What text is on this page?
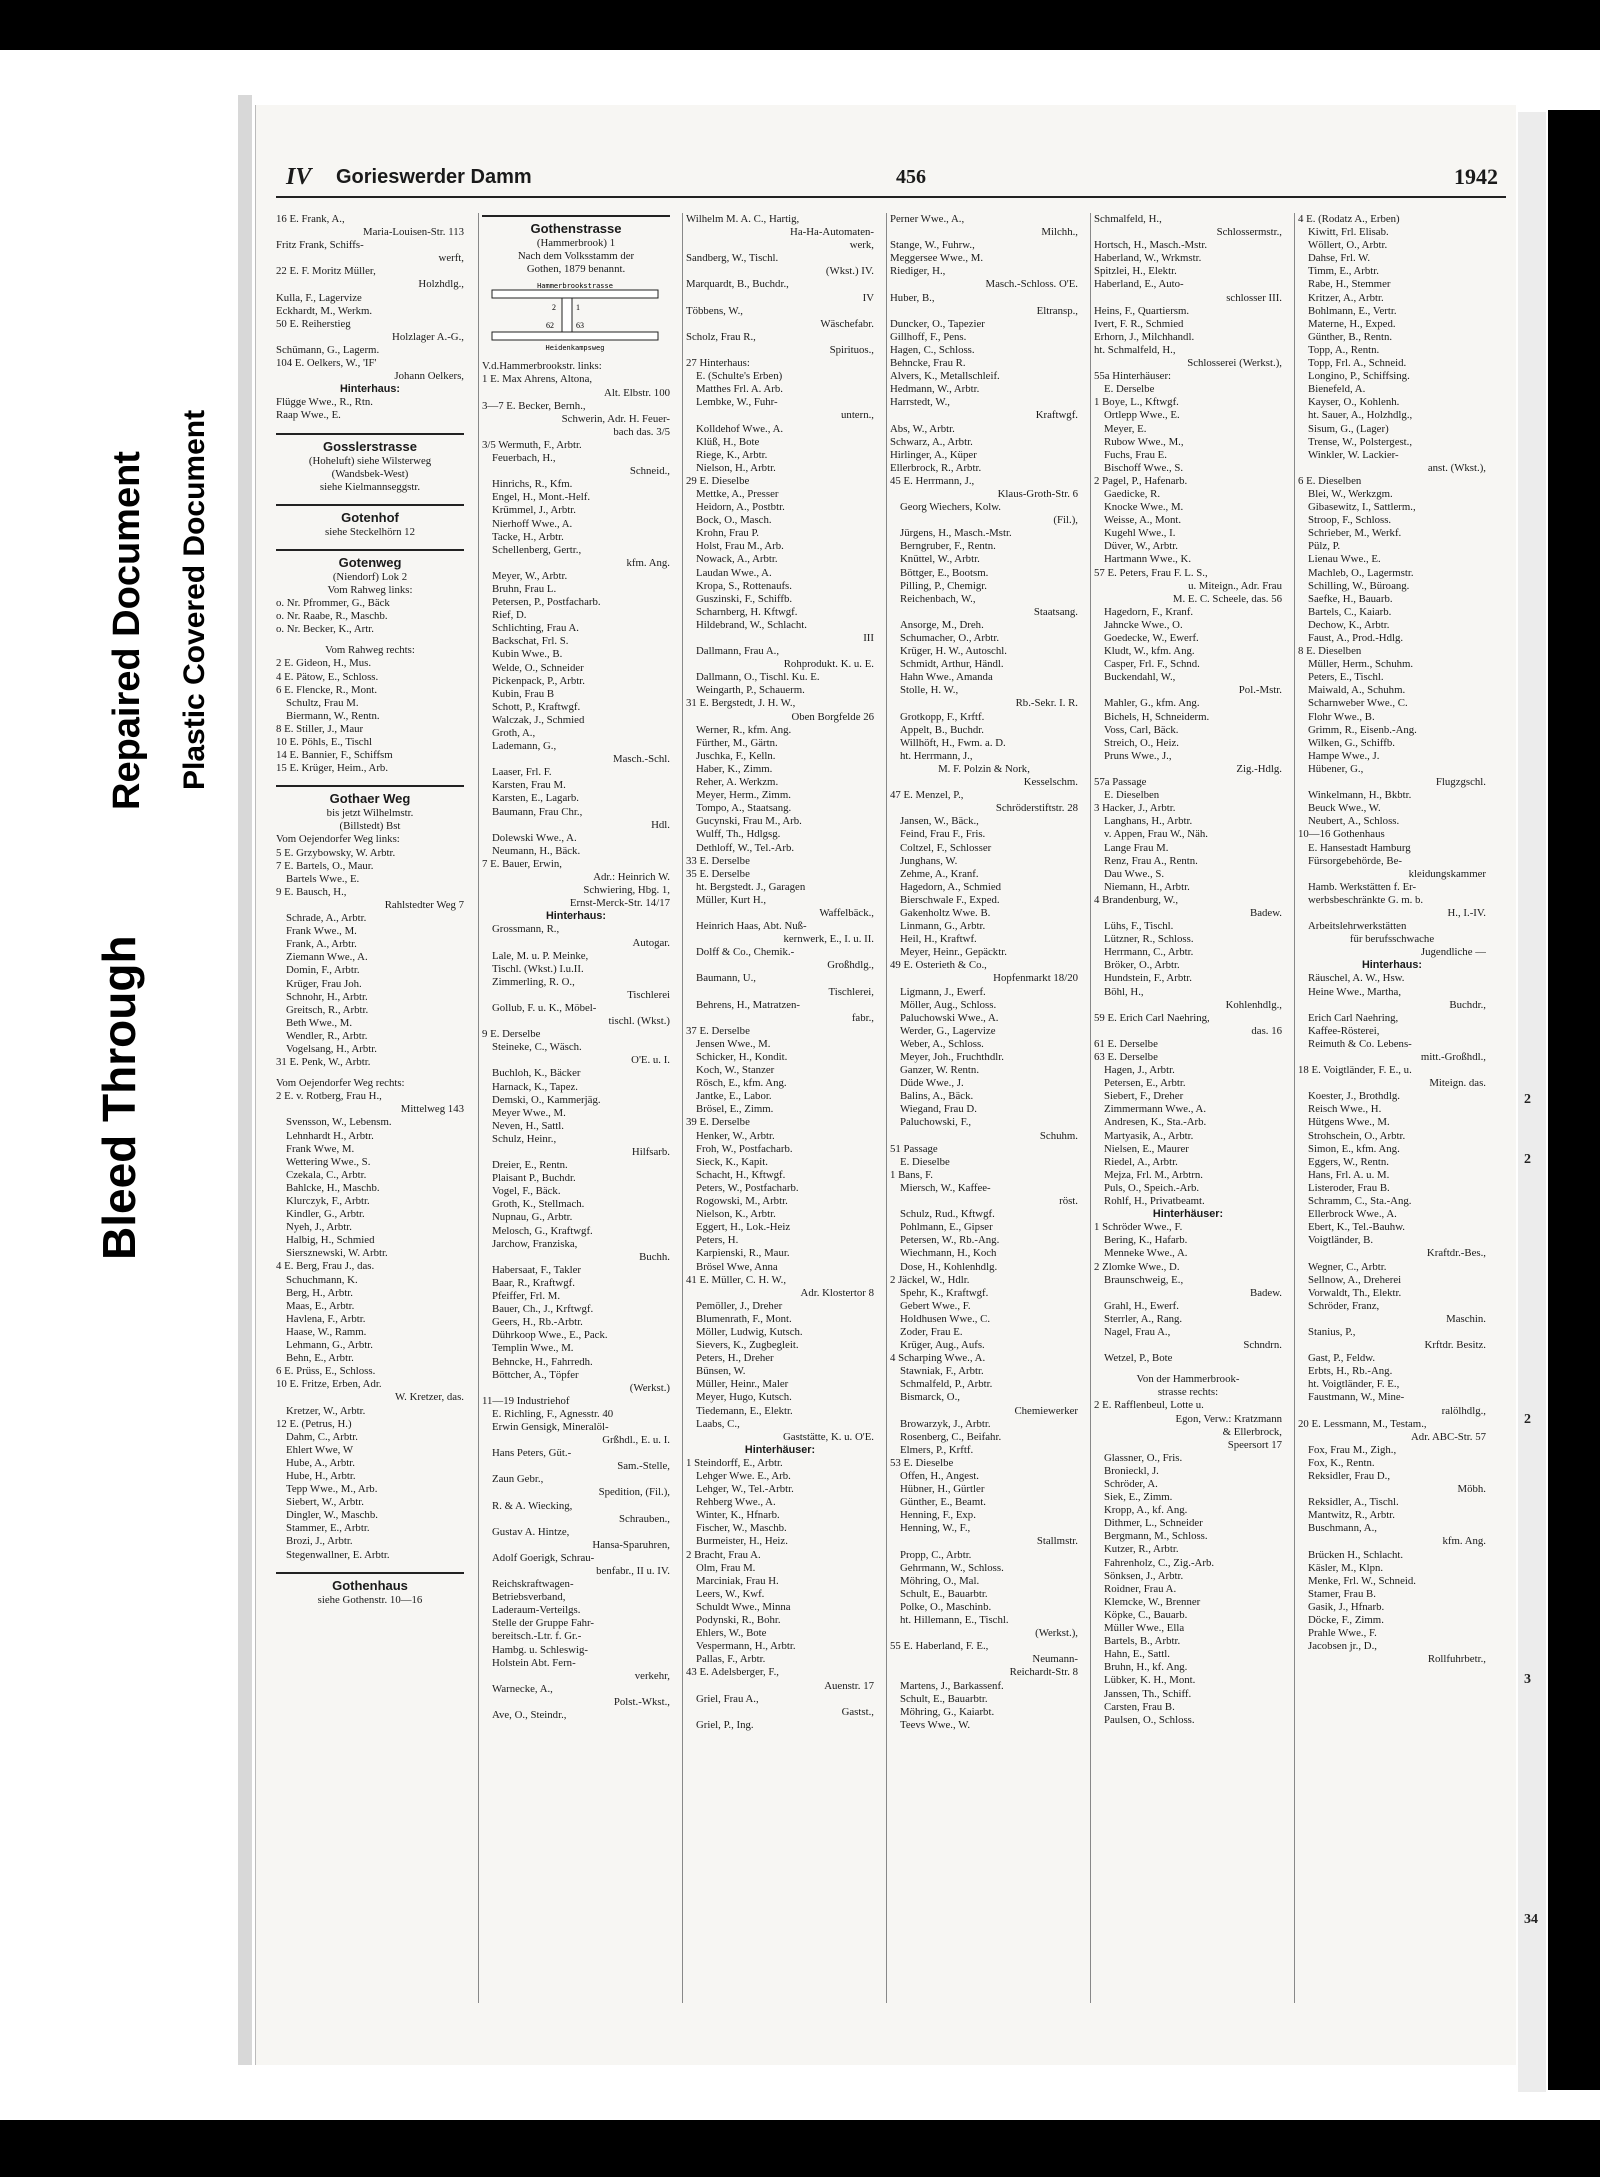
Bleed Through
Repaired Document Plastic Covered Document
2
2
2
3
34
IV Gorieswerder Damm	456	1942
16 E. Frank, A.,
Maria-Louisen-Str. 113
Fritz Frank, Schiffs-
werft,
22 E. F. Moritz Müller,
Holzhdlg.,
Kulla, F., Lagervize
Eckhardt, M., Werkm.
50 E. Reiherstieg
Holzlager A.-G.,
Schümann, G., Lagerm.
104 E. Oelkers, W., 'IF'
Johann Oelkers,
Hinterhaus:
Flügge Wwe., R., Rtn.
Raap Wwe., E.
Gosslerstrasse
(Hoheluft) siehe Wilsterweg
(Wandsbek-West)
siehe Kielmannseggstr.
Gotenhof
siehe Steckelhörn 12
Gotenweg
(Niendorf) Lok 2
Vom Rahweg links:
o. Nr. Pfrommer, G., Bäck
o. Nr. Raabe, R., Maschb.
o. Nr. Becker, K., Artr.
Vom Rahweg rechts:
2 E. Gideon, H., Mus.
4 E. Pätow, E., Schloss.
6 E. Flencke, R., Mont.
Schultz, Frau M.
Biermann, W., Rentn.
8 E. Stiller, J., Maur
10 E. Pöhls, E., Tischl
14 E. Bannier, F., Schiffsm
15 E. Krüger, Heim., Arb.
Gothaer Weg
bis jetzt Wilhelmstr.
(Billstedt) Bst
Vom Oejendorfer Weg links:
5 E. Grzybowsky, W. Arbtr.
7 E. Bartels, O., Maur.
Bartels Wwe., E.
9 E. Bausch, H.,
Rahlstedter Weg 7
Schrade, A., Arbtr.
Frank Wwe., M.
Frank, A., Arbtr.
Ziemann Wwe., A.
Domin, F., Arbtr.
Krüger, Frau Joh.
Schnohr, H., Arbtr.
Greitsch, R., Arbtr.
Beth Wwe., M.
Wendler, R., Arbtr.
Vogelsang, H., Arbtr.
31 E. Penk, W., Arbtr.
Vom Oejendorfer Weg rechts:
2 E. v. Rotberg, Frau H.,
Mittelweg 143
Svensson, W., Lebensm.
Lehnhardt H., Arbtr.
Frank Wwe, M.
Wettering Wwe., S.
Czekala, C., Arbtr.
Bahlcke, H., Maschb.
Klurczyk, F., Arbtr.
Kindler, G., Arbtr.
Nyeh, J., Arbtr.
Halbig, H., Schmied
Siersznewski, W. Arbtr.
4 E. Berg, Frau J., das.
Schuchmann, K.
Berg, H., Arbtr.
Maas, E., Arbtr.
Havlena, F., Arbtr.
Haase, W., Ramm.
Lehmann, G., Arbtr.
Behn, E., Arbtr.
6 E. Prüss, E., Schloss.
10 E. Fritze, Erben, Adr.
W. Kretzer, das.
Kretzer, W., Arbtr.
12 E. (Petrus, H.)
Dahm, C., Arbtr.
Ehlert Wwe, W
Hube, A., Arbtr.
Hube, H., Arbtr.
Tepp Wwe., M., Arb.
Siebert, W., Arbtr.
Dingler, W., Maschb.
Stammer, E., Arbtr.
Brozi, J., Arbtr.
Stegenwallner, E. Arbtr.
Gothenhaus
siehe Gothenstr. 10—16
Gothenstrasse
(Hammerbrook) 1
Nach dem Volksstamm der
Gothen, 1879 benannt.
Hammerbrookstrasse
Heidenkampsweg
2	1
62	63
V.d.Hammerbrookstr. links:
1 E. Max Ahrens, Altona,
Alt. Elbstr. 100
3—7 E. Becker, Bernh.,
Schwerin, Adr. H. Feuer-
bach das. 3/5
3/5 Wermuth, F., Arbtr.
Feuerbach, H.,
Schneid.,
Hinrichs, R., Kfm.
Engel, H., Mont.-Helf.
Krümmel, J., Arbtr.
Nierhoff Wwe., A.
Tacke, H., Arbtr.
Schellenberg, Gertr.,
kfm. Ang.
Meyer, W., Arbtr.
Bruhn, Frau L.
Petersen, P., Postfacharb.
Rief, D.
Schlichting, Frau A.
Backschat, Frl. S.
Kubin Wwe., B.
Welde, O., Schneider
Pickenpack, P., Arbtr.
Kubin, Frau B
Schott, P., Kraftwgf.
Walczak, J., Schmied
Groth, A.,
Lademann, G.,
Masch.-Schl.
Laaser, Frl. F.
Karsten, Frau M.
Karsten, E., Lagarb.
Baumann, Frau Chr.,
Hdl.
Dolewski Wwe., A.
Neumann, H., Bäck.
7 E. Bauer, Erwin,
Adr.: Heinrich W.
Schwiering, Hbg. 1,
Ernst-Merck-Str. 14/17
Hinterhaus:
Grossmann, R.,
Autogar.
Lale, M. u. P. Meinke,
Tischl. (Wkst.) I.u.II.
Zimmerling, R. O.,
Tischlerei
Gollub, F. u. K., Möbel-
tischl. (Wkst.)
9 E. Derselbe
Steineke, C., Wäsch.
O'E. u. I.
Buchloh, K., Bäcker
Harnack, K., Tapez.
Demski, O., Kammerjäg.
Meyer Wwe., M.
Neven, H., Sattl.
Schulz, Heinr.,
Hilfsarb.
Dreier, E., Rentn.
Plaisant P., Buchdr.
Vogel, F., Bäck.
Groth, K., Stellmach.
Nupnau, G., Arbtr.
Melosch, G., Kraftwgf.
Jarchow, Franziska,
Buchh.
Habersaat, F., Takler
Baar, R., Kraftwgf.
Pfeiffer, Frl. M.
Bauer, Ch., J., Krftwgf.
Geers, H., Rb.-Arbtr.
Dührkoop Wwe., E., Pack.
Templin Wwe., M.
Behncke, H., Fahrredh.
Böttcher, A., Töpfer
(Werkst.)
11—19 Industriehof
E. Richling, F., Agnesstr. 40
Erwin Gensigk, Mineralöl-
Grßhdl., E. u. I.
Hans Peters, Güt.-
Sam.-Stelle,
Zaun Gebr.,
Spedition, (Fil.),
R. & A. Wiecking,
Schrauben.,
Gustav A. Hintze,
Hansa-Sparuhren,
Adolf Goerigk, Schrau-
benfabr., II u. IV.
Reichskraftwagen-
Betriebsverband,
Laderaum-Verteilgs.
Stelle der Gruppe Fahr-
bereitsch.-Ltr. f. Gr.-
Hambg. u. Schleswig-
Holstein Abt. Fern-
verkehr,
Warnecke, A.,
Polst.-Wkst.,
Ave, O., Steindr.,
Wilhelm M. A. C., Hartig,
Ha-Ha-Automaten-
werk,
Sandberg, W., Tischl.
(Wkst.) IV.
Marquardt, B., Buchdr.,
IV
Többens, W.,
Wäschefabr.
Scholz, Frau R.,
Spirituos.,
27 Hinterhaus:
E. (Schulte's Erben)
Matthes Frl. A. Arb.
Lembke, W., Fuhr-
untern.,
Kolldehof Wwe., A.
Klüß, H., Bote
Riege, K., Arbtr.
Nielson, H., Arbtr.
29 E. Dieselbe
Mettke, A., Presser
Heidorn, A., Postbtr.
Bock, O., Masch.
Krohn, Frau P.
Holst, Frau M., Arb.
Nowack, A., Arbtr.
Laudan Wwe., A.
Kropa, S., Rottenaufs.
Guszinski, F., Schiffb.
Scharnberg, H. Kftwgf.
Hildebrand, W., Schlacht.
III
Dallmann, Frau A.,
Rohprodukt. K. u. E.
Dallmann, O., Tischl. Ku. E.
Weingarth, P., Schauerm.
31 E. Bergstedt, J. H. W.,
Oben Borgfelde 26
Werner, R., kfm. Ang.
Fürther, M., Gärtn.
Juschka, F., Kelln.
Haber, K., Zimm.
Reher, A. Werkzm.
Meyer, Herm., Zimm.
Tompo, A., Staatsang.
Gucynski, Frau M., Arb.
Wulff, Th., Hdlgsg.
Dethloff, W., Tel.-Arb.
33 E. Derselbe
35 E. Derselbe
ht. Bergstedt. J., Garagen
Müller, Kurt H.,
Waffelbäck.,
Heinrich Haas, Abt. Nuß-
kernwerk, E., I. u. II.
Dolff & Co., Chemik.-
Großhdlg.,
Baumann, U.,
Tischlerei,
Behrens, H., Matratzen-
fabr.,
37 E. Derselbe
Jensen Wwe., M.
Schicker, H., Kondit.
Koch, W., Stanzer
Rösch, E., kfm. Ang.
Jantke, E., Labor.
Brösel, E., Zimm.
39 E. Derselbe
Henker, W., Arbtr.
Froh, W., Postfacharb.
Sieck, K., Kapit.
Schacht, H., Kftwgf.
Peters, W., Postfacharb.
Rogowski, M., Arbtr.
Nielson, K., Arbtr.
Eggert, H., Lok.-Heiz
Peters, H.
Karpienski, R., Maur.
Brösel Wwe, Anna
41 E. Müller, C. H. W.,
Adr. Klostertor 8
Pemöller, J., Dreher
Blumenrath, F., Mont.
Möller, Ludwig, Kutsch.
Sievers, K., Zugbegleit.
Peters, H., Dreher
Bünsen, W.
Müller, Heinr., Maler
Meyer, Hugo, Kutsch.
Tiedemann, E., Elektr.
Laabs, C.,
Gaststätte, K. u. O'E.
Hinterhäuser:
1 Steindorff, E., Arbtr.
Lehger Wwe. E., Arb.
Lehger, W., Tel.-Arbtr.
Rehberg Wwe., A.
Winter, K., Hfnarb.
Fischer, W., Maschb.
Burmeister, H., Heiz.
2 Bracht, Frau A.
Olm, Frau M.
Marciniak, Frau H.
Leers, W., Kwf.
Schuldt Wwe., Minna
Podynski, R., Bohr.
Ehlers, W., Bote
Vespermann, H., Arbtr.
Pallas, F., Arbtr.
43 E. Adelsberger, F.,
Auenstr. 17
Griel, Frau A.,
Gastst.,
Griel, P., Ing.
Perner Wwe., A.,
Milchh.,
Stange, W., Fuhrw.,
Meggersee Wwe., M.
Riediger, H.,
Masch.-Schloss. O'E.
Huber, B.,
Eltransp.,
Duncker, O., Tapezier
Gillhoff, F., Pens.
Hagen, C., Schloss.
Behncke, Frau R.
Alvers, K., Metallschleif.
Hedmann, W., Arbtr.
Harrstedt, W.,
Kraftwgf.
Abs, W., Arbtr.
Schwarz, A., Arbtr.
Hirlinger, A., Küper
Ellerbrock, R., Arbtr.
45 E. Herrmann, J.,
Klaus-Groth-Str. 6
Georg Wiechers, Kolw.
(Fil.),
Jürgens, H., Masch.-Mstr.
Berngruber, F., Rentn.
Knüttel, W., Arbtr.
Böttger, E., Bootsm.
Pilling, P., Chemigr.
Reichenbach, W.,
Staatsang.
Ansorge, M., Dreh.
Schumacher, O., Arbtr.
Krüger, H. W., Autoschl.
Schmidt, Arthur, Händl.
Hahn Wwe., Amanda
Stolle, H. W.,
Rb.-Sekr. I. R.
Grotkopp, F., Krftf.
Appelt, B., Buchdr.
Willhöft, H., Fwm. a. D.
ht. Herrmann, J.,
M. F. Polzin & Nork,
Kesselschm.
47 E. Menzel, P.,
Schröderstiftstr. 28
Jansen, W., Bäck.,
Feind, Frau F., Fris.
Coltzel, F., Schlosser
Junghans, W.
Zehme, A., Kranf.
Hagedorn, A., Schmied
Bierschwale F., Exped.
Gakenholtz Wwe. B.
Linmann, G., Arbtr.
Heil, H., Kraftwf.
Meyer, Heinr., Gepäcktr.
49 E. Osterieth & Co.,
Hopfenmarkt 18/20
Ligmann, J., Ewerf.
Möller, Aug., Schloss.
Paluchowski Wwe., A.
Werder, G., Lagervize
Weber, A., Schloss.
Meyer, Joh., Fruchthdlr.
Ganzer, W. Rentn.
Düde Wwe., J.
Balins, A., Bäck.
Wiegand, Frau D.
Paluchowski, F.,
Schuhm.
51 Passage
E. Dieselbe
1 Bans, F.
Miersch, W., Kaffee-
röst.
Schulz, Rud., Kftwgf.
Pohlmann, E., Gipser
Petersen, W., Rb.-Ang.
Wiechmann, H., Koch
Dose, H., Kohlenhdlg.
2 Jäckel, W., Hdlr.
Spehr, K., Kraftwgf.
Gebert Wwe., F.
Holdhusen Wwe., C.
Zoder, Frau E.
Krüger, Aug., Aufs.
4 Scharping Wwe., A.
Stawniak, F., Arbtr.
Schmalfeld, P., Arbtr.
Bismarck, O.,
Chemiewerker
Browarzyk, J., Arbtr.
Rosenberg, C., Beifahr.
Elmers, P., Krftf.
53 E. Dieselbe
Offen, H., Angest.
Hübner, H., Gürtler
Günther, E., Beamt.
Henning, F., Exp.
Henning, W., F.,
Stallmstr.
Propp, C., Arbtr.
Gehrmann, W., Schloss.
Möhring, O., Mal.
Schult, E., Bauarbtr.
Polke, O., Maschinb.
ht. Hillemann, E., Tischl.
(Werkst.),
55 E. Haberland, F. E.,
Neumann-
Reichardt-Str. 8
Martens, J., Barkassenf.
Schult, E., Bauarbtr.
Möhring, G., Kaiarbt.
Teevs Wwe., W.
Schmalfeld, H.,
Schlossermstr.,
Hortsch, H., Masch.-Mstr.
Haberland, W., Wrkmstr.
Spitzlei, H., Elektr.
Haberland, E., Auto-
schlosser III.
Heins, F., Quartiersm.
Ivert, F. R., Schmied
Erhorn, J., Milchhandl.
ht. Schmalfeld, H.,
Schlosserei (Werkst.),
55a Hinterhäuser:
E. Derselbe
1 Boye, L., Kftwgf.
Ortlepp Wwe., E.
Meyer, E.
Rubow Wwe., M.,
Fuchs, Frau E.
Bischoff Wwe., S.
2 Pagel, P., Hafenarb.
Gaedicke, R.
Knocke Wwe., M.
Weisse, A., Mont.
Kugehl Wwe., I.
Düver, W., Arbtr.
Hartmann Wwe., K.
57 E. Peters, Frau F. L. S.,
u. Miteign., Adr. Frau
M. E. C. Scheele, das. 56
Hagedorn, F., Kranf.
Jahncke Wwe., O.
Goedecke, W., Ewerf.
Kludt, W., kfm. Ang.
Casper, Frl. F., Schnd.
Buckendahl, W.,
Pol.-Mstr.
Mahler, G., kfm. Ang.
Bichels, H, Schneiderm.
Voss, Carl, Bäck.
Streich, O., Heiz.
Pruns Wwe., J.,
Zig.-Hdlg.
57a Passage
E. Dieselben
3 Hacker, J., Arbtr.
Langhans, H., Arbtr.
v. Appen, Frau W., Näh.
Lange Frau M.
Renz, Frau A., Rentn.
Dau Wwe., S.
Niemann, H., Arbtr.
4 Brandenburg, W.,
Badew.
Lühs, F., Tischl.
Lützner, R., Schloss.
Herrmann, C., Arbtr.
Bröker, O., Arbtr.
Hundstein, F., Arbtr.
Böhl, H.,
Kohlenhdlg.,
59 E. Erich Carl Naehring,
das. 16
61 E. Derselbe
63 E. Derselbe
Hagen, J., Arbtr.
Petersen, E., Arbtr.
Siebert, F., Dreher
Zimmermann Wwe., A.
Andresen, K., Sta.-Arb.
Martyasik, A., Arbtr.
Nielsen, E., Maurer
Riedel, A., Arbtr.
Mejza, Frl. M., Arbtrn.
Puls, O., Speich.-Arb.
Rohlf, H., Privatbeamt.
Hinterhäuser:
1 Schröder Wwe., F.
Bering, K., Hafarb.
Menneke Wwe., A.
2 Zlomke Wwe., D.
Braunschweig, E.,
Badew.
Grahl, H., Ewerf.
Sterrler, A., Rang.
Nagel, Frau A.,
Schndrn.
Wetzel, P., Bote
Von der Hammerbrook-
strasse rechts:
2 E. Rafflenbeul, Lotte u.
Egon, Verw.: Kratzmann
& Ellerbrock,
Speersort 17
Glassner, O., Fris.
Bronieckl, J.
Schröder, A.
Siek, E., Zimm.
Kropp, A., kf. Ang.
Dithmer, L., Schneider
Bergmann, M., Schloss.
Kutzer, R., Arbtr.
Fahrenholz, C., Zig.-Arb.
Sönksen, J., Arbtr.
Roidner, Frau A.
Klemcke, W., Brenner
Köpke, C., Bauarb.
Müller Wwe., Ella
Bartels, B., Arbtr.
Hahn, E., Sattl.
Bruhn, H., kf. Ang.
Lübker, K. H., Mont.
Janssen, Th., Schiff.
Carsten, Frau B.
Paulsen, O., Schloss.
4 E. (Rodatz A., Erben)
Kiwitt, Frl. Elisab.
Wöllert, O., Arbtr.
Dahse, Frl. W.
Timm, E., Arbtr.
Rabe, H., Stemmer
Kritzer, A., Arbtr.
Bohlmann, E., Vertr.
Materne, H., Exped.
Günther, B., Rentn.
Topp, A., Rentn.
Topp, Frl. A., Schneid.
Longino, P., Schiffsing.
Bienefeld, A.
Kayser, O., Kohlenh.
ht. Sauer, A., Holzhdlg.,
Sisum, G., (Lager)
Trense, W., Polstergest.,
Winkler, W. Lackier-
anst. (Wkst.),
6 E. Dieselben
Blei, W., Werkzgm.
Gibasewitz, I., Sattlerm.,
Stroop, F., Schloss.
Schrieber, M., Werkf.
Pülz, P.
Lienau Wwe., E.
Machleb, O., Lagermstr.
Schilling, W., Büroang.
Saefke, H., Bauarb.
Bartels, C., Kaiarb.
Dechow, K., Arbtr.
Faust, A., Prod.-Hdlg.
8 E. Dieselben
Müller, Herm., Schuhm.
Peters, E., Tischl.
Maiwald, A., Schuhm.
Scharnweber Wwe., C.
Flohr Wwe., B.
Grimm, R., Eisenb.-Ang.
Wilken, G., Schiffb.
Hampe Wwe., J.
Hübener, G.,
Flugzgschl.
Winkelmann, H., Bkbtr.
Beuck Wwe., W.
Neubert, A., Schloss.
10—16 Gothenhaus
E. Hansestadt Hamburg
Fürsorgebehörde, Be-
kleidungskammer
Hamb. Werkstätten f. Er-
werbsbeschränkte G. m. b.
H., I.-IV.
Arbeitslehrwerkstätten
für berufsschwache
Jugendliche —
Hinterhaus:
Räuschel, A. W., Hsw.
Heine Wwe., Martha,
Buchdr.,
Erich Carl Naehring,
Kaffee-Rösterei,
Reimuth & Co. Lebens-
mitt.-Großhdl.,
18 E. Voigtländer, F. E., u.
Miteign. das.
Koester, J., Brothdlg.
Reisch Wwe., H.
Hütgens Wwe., M.
Strohschein, O., Arbtr.
Simon, E., kfm. Ang.
Eggers, W., Rentn.
Hans, Frl. A. u. M.
Listeroder, Frau B.
Schramm, C., Sta.-Ang.
Ellerbrock Wwe., A.
Ebert, K., Tel.-Bauhw.
Voigtländer, B.
Kraftdr.-Bes.,
Wegner, C., Arbtr.
Sellnow, A., Dreherei
Vorwaldt, Th., Elektr.
Schröder, Franz,
Maschin.
Stanius, P.,
Krftdr. Besitz.
Gast, P., Feldw.
Erbts, H., Rb.-Ang.
ht. Voigtländer, F. E.,
Faustmann, W., Mine-
ralölhdlg.,
20 E. Lessmann, M., Testam.,
Adr. ABC-Str. 57
Fox, Frau M., Zigh.,
Fox, K., Rentn.
Reksidler, Frau D.,
Möbh.
Reksidler, A., Tischl.
Mantwitz, R., Arbtr.
Buschmann, A.,
kfm. Ang.
Brücken H., Schlacht.
Käsler, M., Klpn.
Menke, Frl. W., Schneid.
Stamer, Frau B.
Gasik, J., Hfnarb.
Döcke, F., Zimm.
Prahle Wwe., F.
Jacobsen jr., D.,
Rollfuhrbetr.,
